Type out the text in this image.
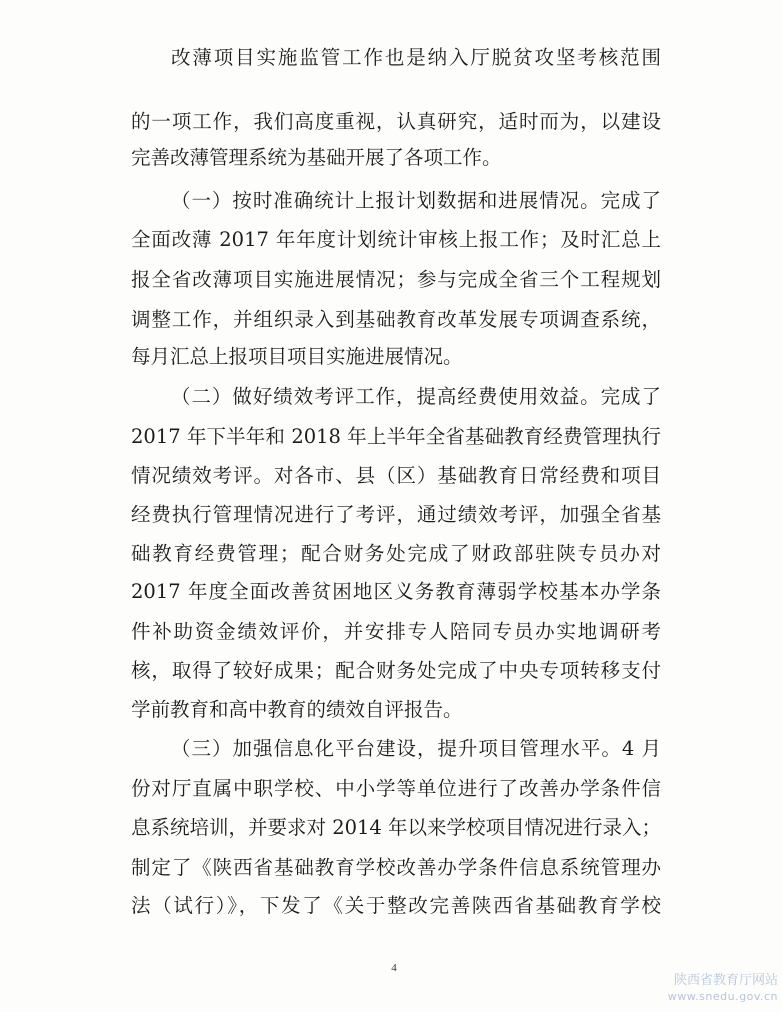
改薄项目实施监管工作也是纳入厅脱贫攻坚考核范围
的一项工作，我们高度重视，认真研究，适时而为，以建设
完善改薄管理系统为基础开展了各项工作。
（一）按时准确统计上报计划数据和进展情况。完成了
全面改薄 2017 年年度计划统计审核上报工作；及时汇总上
报全省改薄项目实施进展情况；参与完成全省三个工程规划
调整工作，并组织录入到基础教育改革发展专项调查系统，
每月汇总上报项目项目实施进展情况。
（二）做好绩效考评工作，提高经费使用效益。完成了
2017 年下半年和 2018 年上半年全省基础教育经费管理执行
情况绩效考评。对各市、县（区）基础教育日常经费和项目
经费执行管理情况进行了考评，通过绩效考评，加强全省基
础教育经费管理；配合财务处完成了财政部驻陕专员办对
2017 年度全面改善贫困地区义务教育薄弱学校基本办学条
件补助资金绩效评价，并安排专人陪同专员办实地调研考
核，取得了较好成果；配合财务处完成了中央专项转移支付
学前教育和高中教育的绩效自评报告。
（三）加强信息化平台建设，提升项目管理水平。4 月
份对厅直属中职学校、中小学等单位进行了改善办学条件信
息系统培训，并要求对 2014 年以来学校项目情况进行录入；
制定了《陕西省基础教育学校改善办学条件信息系统管理办
法（试行）》，下发了《关于整改完善陕西省基础教育学校
4
陕西省教育厅网站
www.snedu.gov.cn
